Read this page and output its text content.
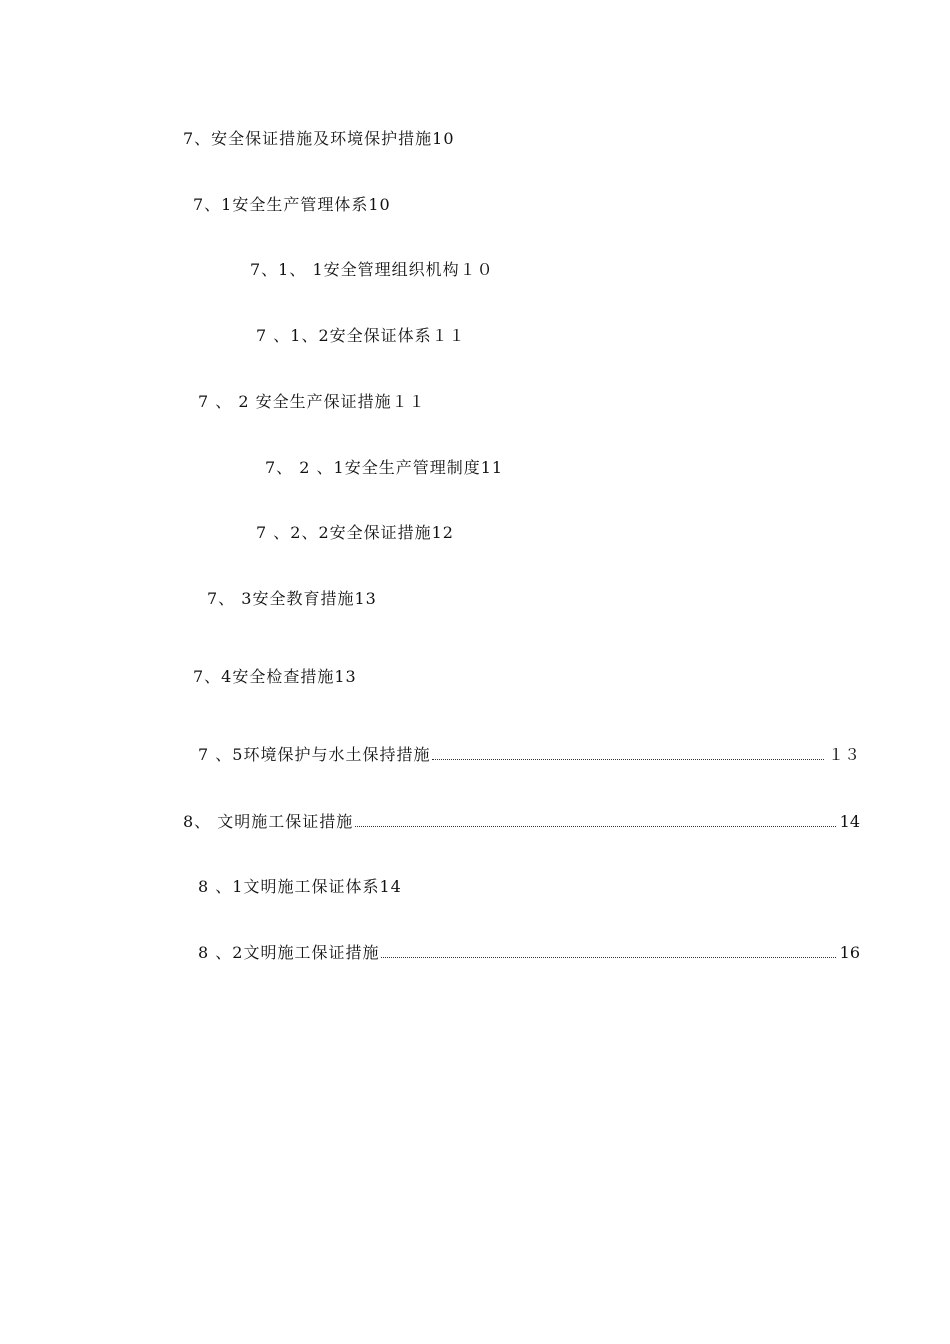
7、安全保证措施及环境保护措施10
7、1安全生产管理体系10
7、1、 1安全管理组织机构１０
7 、1、2安全保证体系１１
7 、 2 安全生产保证措施１１
7、 2 、1安全生产管理制度11
7 、2、2安全保证措施12
7、 3安全教育措施13
7、4安全检查措施13
7 、5环境保护与水土保持措施	１３
8、 文明施工保证措施	14
8 、1文明施工保证体系14
8 、2文明施工保证措施	16
